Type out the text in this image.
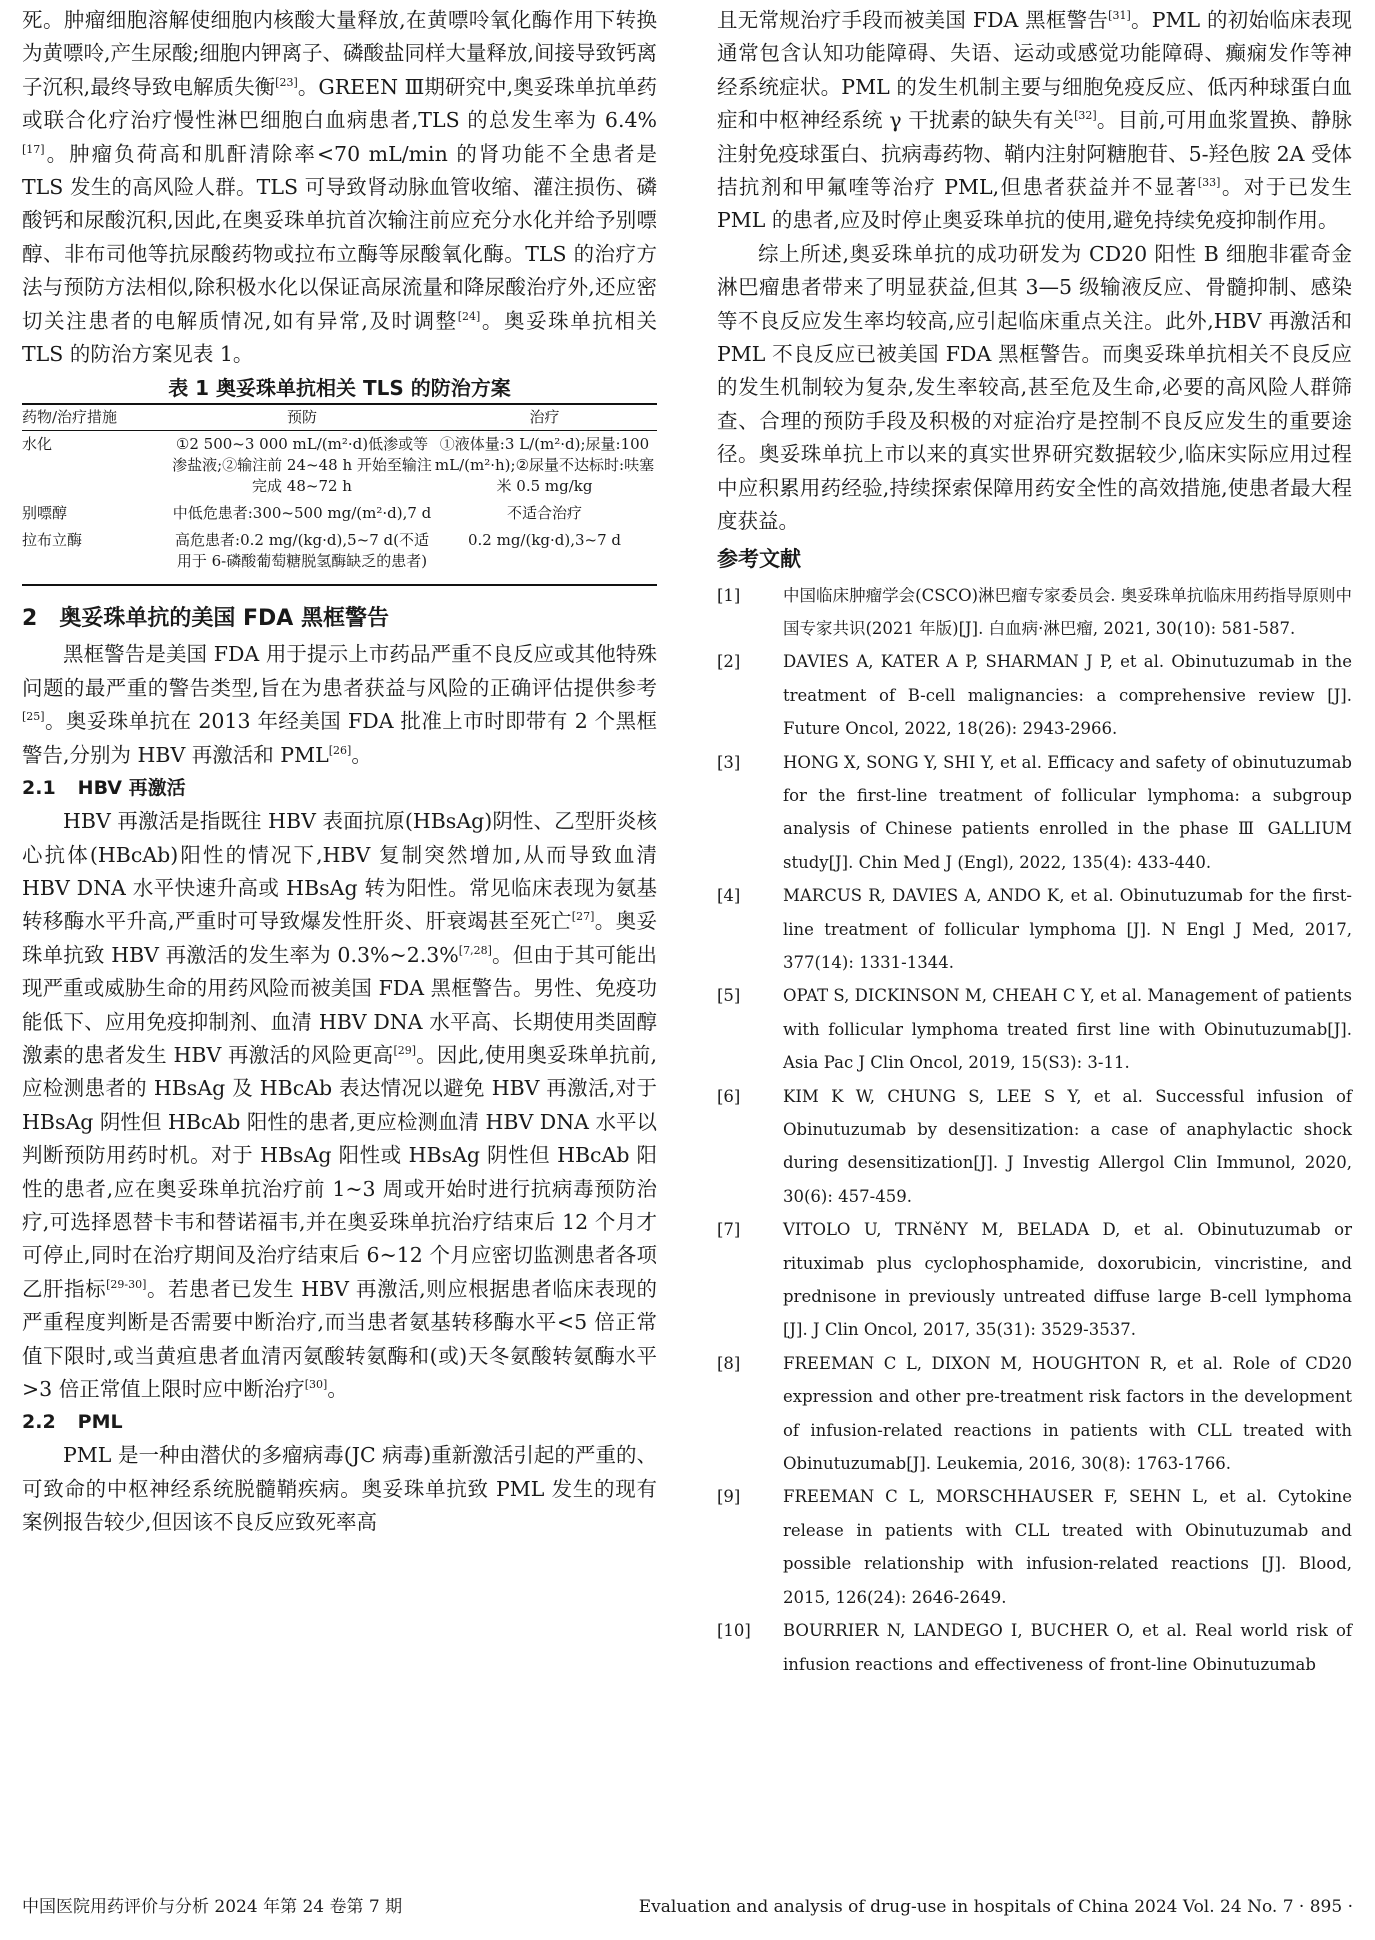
死。肿瘤细胞溶解使细胞内核酸大量释放,在黄嘌呤氧化酶作用下转换为黄嘌呤,产生尿酸;细胞内钾离子、磷酸盐同样大量释放,间接导致钙离子沉积,最终导致电解质失衡[23]。GREEN Ⅲ期研究中,奥妥珠单抗单药或联合化疗治疗慢性淋巴细胞白血病患者,TLS 的总发生率为 6.4%[17]。肿瘤负荷高和肌酐清除率<70 mL/min 的肾功能不全患者是 TLS 发生的高风险人群。TLS 可导致肾动脉血管收缩、灌注损伤、磷酸钙和尿酸沉积,因此,在奥妥珠单抗首次输注前应充分水化并给予别嘌醇、非布司他等抗尿酸药物或拉布立酶等尿酸氧化酶。TLS 的治疗方法与预防方法相似,除积极水化以保证高尿流量和降尿酸治疗外,还应密切关注患者的电解质情况,如有异常,及时调整[24]。奥妥珠单抗相关 TLS 的防治方案见表 1。

表 1 奥妥珠单抗相关 TLS 的防治方案
药物/治疗措施	预防	治疗
水化	①2 500~3 000 mL/(m²·d)低渗或等渗盐液;②输注前 24~48 h 开始至输注完成 48~72 h	①液体量:3 L/(m²·d);尿量:100 mL/(m²·h);②尿量不达标时:呋塞米 0.5 mg/kg
别嘌醇	中低危患者:300~500 mg/(m²·d),7 d	不适合治疗
拉布立酶	高危患者:0.2 mg/(kg·d),5~7 d(不适用于 6-磷酸葡萄糖脱氢酶缺乏的患者)	0.2 mg/(kg·d),3~7 d
2 奥妥珠单抗的美国 FDA 黑框警告

黑框警告是美国 FDA 用于提示上市药品严重不良反应或其他特殊问题的最严重的警告类型,旨在为患者获益与风险的正确评估提供参考[25]。奥妥珠单抗在 2013 年经美国 FDA 批准上市时即带有 2 个黑框警告,分别为 HBV 再激活和 PML[26]。

2.1 HBV 再激活

HBV 再激活是指既往 HBV 表面抗原(HBsAg)阴性、乙型肝炎核心抗体(HBcAb)阳性的情况下,HBV 复制突然增加,从而导致血清 HBV DNA 水平快速升高或 HBsAg 转为阳性。常见临床表现为氨基转移酶水平升高,严重时可导致爆发性肝炎、肝衰竭甚至死亡[27]。奥妥珠单抗致 HBV 再激活的发生率为 0.3%~2.3%[7,28]。但由于其可能出现严重或威胁生命的用药风险而被美国 FDA 黑框警告。男性、免疫功能低下、应用免疫抑制剂、血清 HBV DNA 水平高、长期使用类固醇激素的患者发生 HBV 再激活的风险更高[29]。因此,使用奥妥珠单抗前,应检测患者的 HBsAg 及 HBcAb 表达情况以避免 HBV 再激活,对于 HBsAg 阴性但 HBcAb 阳性的患者,更应检测血清 HBV DNA 水平以判断预防用药时机。对于 HBsAg 阳性或 HBsAg 阴性但 HBcAb 阳性的患者,应在奥妥珠单抗治疗前 1~3 周或开始时进行抗病毒预防治疗,可选择恩替卡韦和替诺福韦,并在奥妥珠单抗治疗结束后 12 个月才可停止,同时在治疗期间及治疗结束后 6~12 个月应密切监测患者各项乙肝指标[29-30]。若患者已发生 HBV 再激活,则应根据患者临床表现的严重程度判断是否需要中断治疗,而当患者氨基转移酶水平<5 倍正常值下限时,或当黄疸患者血清丙氨酸转氨酶和(或)天冬氨酸转氨酶水平>3 倍正常值上限时应中断治疗[30]。

2.2 PML

PML 是一种由潜伏的多瘤病毒(JC 病毒)重新激活引起的严重的、可致命的中枢神经系统脱髓鞘疾病。奥妥珠单抗致 PML 发生的现有案例报告较少,但因该不良反应致死率高

且无常规治疗手段而被美国 FDA 黑框警告[31]。PML 的初始临床表现通常包含认知功能障碍、失语、运动或感觉功能障碍、癫痫发作等神经系统症状。PML 的发生机制主要与细胞免疫反应、低丙种球蛋白血症和中枢神经系统 γ 干扰素的缺失有关[32]。目前,可用血浆置换、静脉注射免疫球蛋白、抗病毒药物、鞘内注射阿糖胞苷、5-羟色胺 2A 受体拮抗剂和甲氟喹等治疗 PML,但患者获益并不显著[33]。对于已发生 PML 的患者,应及时停止奥妥珠单抗的使用,避免持续免疫抑制作用。

综上所述,奥妥珠单抗的成功研发为 CD20 阳性 B 细胞非霍奇金淋巴瘤患者带来了明显获益,但其 3—5 级输液反应、骨髓抑制、感染等不良反应发生率均较高,应引起临床重点关注。此外,HBV 再激活和 PML 不良反应已被美国 FDA 黑框警告。而奥妥珠单抗相关不良反应的发生机制较为复杂,发生率较高,甚至危及生命,必要的高风险人群筛查、合理的预防手段及积极的对症治疗是控制不良反应发生的重要途径。奥妥珠单抗上市以来的真实世界研究数据较少,临床实际应用过程中应积累用药经验,持续探索保障用药安全性的高效措施,使患者最大程度获益。

参考文献
[1]	中国临床肿瘤学会(CSCO)淋巴瘤专家委员会. 奥妥珠单抗临床用药指导原则中国专家共识(2021 年版)[J]. 白血病·淋巴瘤, 2021, 30(10): 581-587.
[2]	DAVIES A, KATER A P, SHARMAN J P, et al. Obinutuzumab in the treatment of B-cell malignancies: a comprehensive review [J]. Future Oncol, 2022, 18(26): 2943-2966.
[3]	HONG X, SONG Y, SHI Y, et al. Efficacy and safety of obinutuzumab for the first-line treatment of follicular lymphoma: a subgroup analysis of Chinese patients enrolled in the phase Ⅲ GALLIUM study[J]. Chin Med J (Engl), 2022, 135(4): 433-440.
[4]	MARCUS R, DAVIES A, ANDO K, et al. Obinutuzumab for the first-line treatment of follicular lymphoma [J]. N Engl J Med, 2017, 377(14): 1331-1344.
[5]	OPAT S, DICKINSON M, CHEAH C Y, et al. Management of patients with follicular lymphoma treated first line with Obinutuzumab[J]. Asia Pac J Clin Oncol, 2019, 15(S3): 3-11.
[6]	KIM K W, CHUNG S, LEE S Y, et al. Successful infusion of Obinutuzumab by desensitization: a case of anaphylactic shock during desensitization[J]. J Investig Allergol Clin Immunol, 2020, 30(6): 457-459.
[7]	VITOLO U, TRNěNY M, BELADA D, et al. Obinutuzumab or rituximab plus cyclophosphamide, doxorubicin, vincristine, and prednisone in previously untreated diffuse large B-cell lymphoma [J]. J Clin Oncol, 2017, 35(31): 3529-3537.
[8]	FREEMAN C L, DIXON M, HOUGHTON R, et al. Role of CD20 expression and other pre-treatment risk factors in the development of infusion-related reactions in patients with CLL treated with Obinutuzumab[J]. Leukemia, 2016, 30(8): 1763-1766.
[9]	FREEMAN C L, MORSCHHAUSER F, SEHN L, et al. Cytokine release in patients with CLL treated with Obinutuzumab and possible relationship with infusion-related reactions [J]. Blood, 2015, 126(24): 2646-2649.
[10]	BOURRIER N, LANDEGO I, BUCHER O, et al. Real world risk of infusion reactions and effectiveness of front-line Obinutuzumab
中国医院用药评价与分析 2024 年第 24 卷第 7 期	Evaluation and analysis of drug-use in hospitals of China 2024 Vol. 24 No. 7 · 895 ·
